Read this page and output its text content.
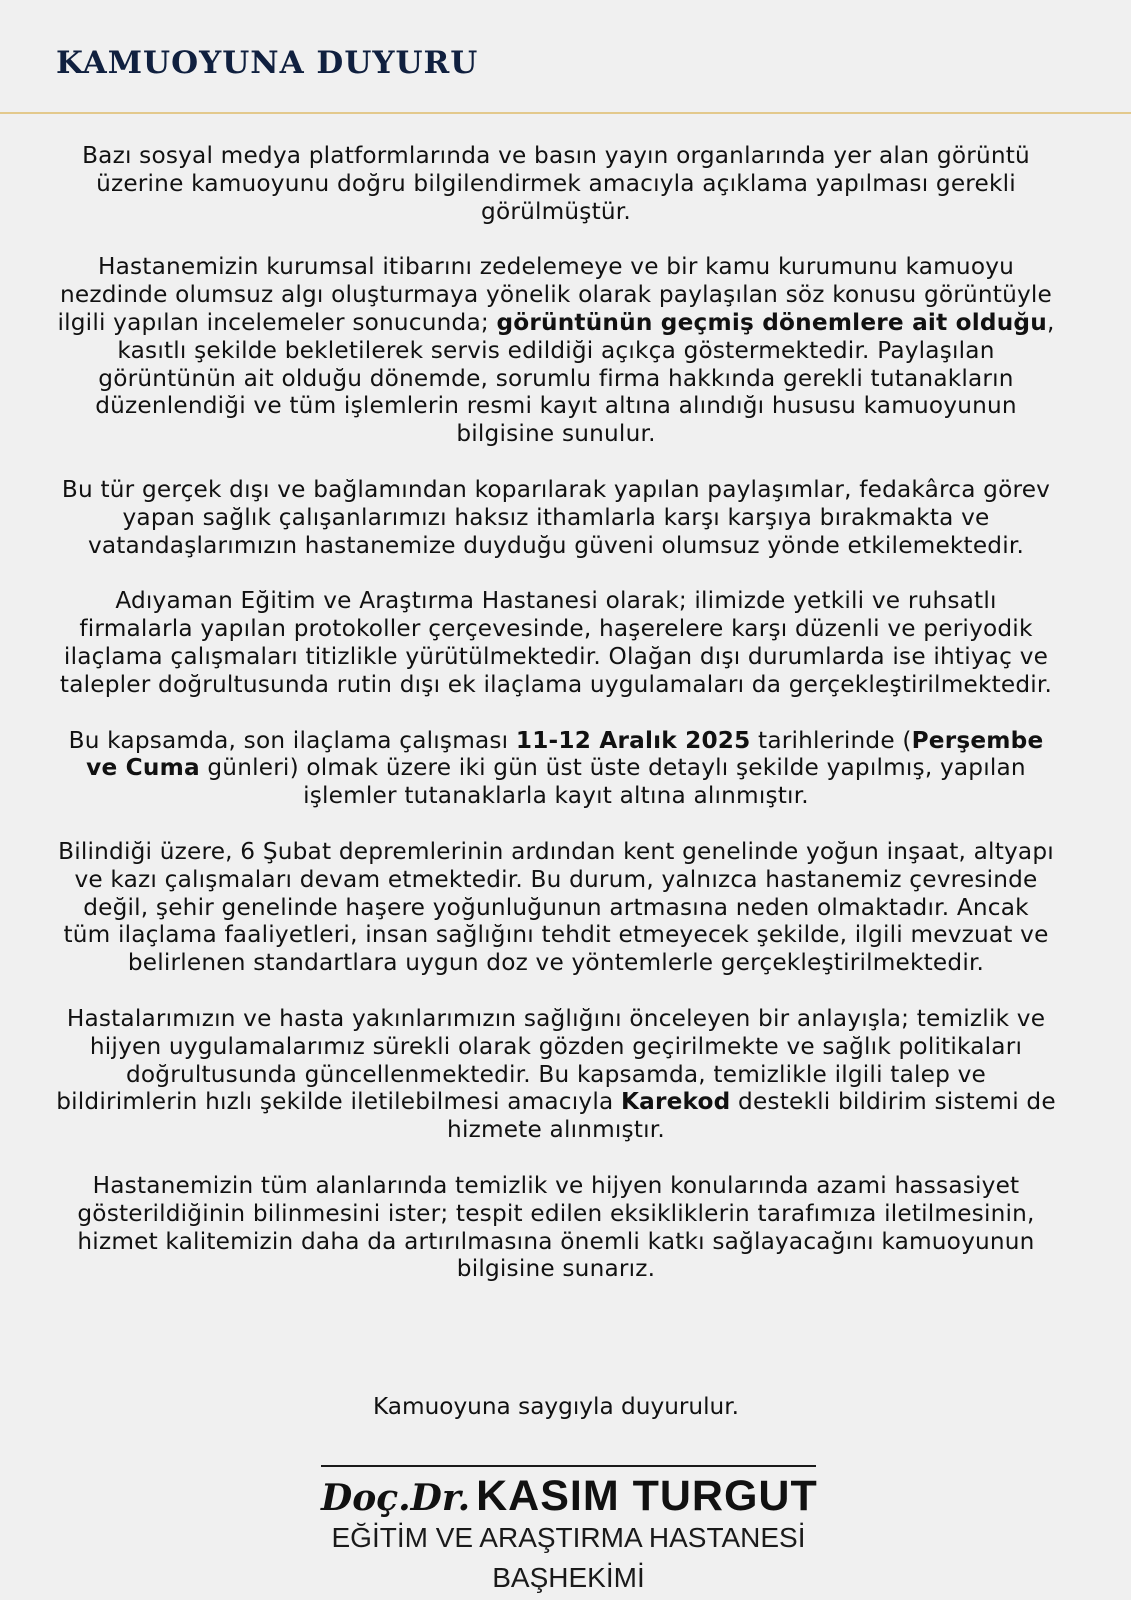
KAMUOYUNA DUYURU

Bazı sosyal medya platformlarında ve basın yayın organlarında yer alan görüntü üzerine kamuoyunu doğru bilgilendirmek amacıyla açıklama yapılması gerekli görülmüştür.

Hastanemizin kurumsal itibarını zedelemeye ve bir kamu kurumunu kamuoyu nezdinde olumsuz algı oluşturmaya yönelik olarak paylaşılan söz konusu görüntüyle ilgili yapılan incelemeler sonucunda; görüntünün geçmiş dönemlere ait olduğu, kasıtlı şekilde bekletilerek servis edildiği açıkça göstermektedir. Paylaşılan görüntünün ait olduğu dönemde, sorumlu firma hakkında gerekli tutanakların düzenlendiği ve tüm işlemlerin resmi kayıt altına alındığı hususu kamuoyunun bilgisine sunulur.

Bu tür gerçek dışı ve bağlamından koparılarak yapılan paylaşımlar, fedakârca görev yapan sağlık çalışanlarımızı haksız ithamlarla karşı karşıya bırakmakta ve vatandaşlarımızın hastanemize duyduğu güveni olumsuz yönde etkilemektedir.

Adıyaman Eğitim ve Araştırma Hastanesi olarak; ilimizde yetkili ve ruhsatlı firmalarla yapılan protokoller çerçevesinde, haşerelere karşı düzenli ve periyodik ilaçlama çalışmaları titizlikle yürütülmektedir. Olağan dışı durumlarda ise ihtiyaç ve talepler doğrultusunda rutin dışı ek ilaçlama uygulamaları da gerçekleştirilmektedir.

Bu kapsamda, son ilaçlama çalışması 11-12 Aralık 2025 tarihlerinde (Perşembe ve Cuma günleri) olmak üzere iki gün üst üste detaylı şekilde yapılmış, yapılan işlemler tutanaklarla kayıt altına alınmıştır.

Bilindiği üzere, 6 Şubat depremlerinin ardından kent genelinde yoğun inşaat, altyapı ve kazı çalışmaları devam etmektedir. Bu durum, yalnızca hastanemiz çevresinde değil, şehir genelinde haşere yoğunluğunun artmasına neden olmaktadır. Ancak tüm ilaçlama faaliyetleri, insan sağlığını tehdit etmeyecek şekilde, ilgili mevzuat ve belirlenen standartlara uygun doz ve yöntemlerle gerçekleştirilmektedir.

Hastalarımızın ve hasta yakınlarımızın sağlığını önceleyen bir anlayışla; temizlik ve hijyen uygulamalarımız sürekli olarak gözden geçirilmekte ve sağlık politikaları doğrultusunda güncellenmektedir. Bu kapsamda, temizlikle ilgili talep ve bildirimlerin hızlı şekilde iletilebilmesi amacıyla Karekod destekli bildirim sistemi de hizmete alınmıştır.

Hastanemizin tüm alanlarında temizlik ve hijyen konularında azami hassasiyet gösterildiğinin bilinmesini ister; tespit edilen eksikliklerin tarafımıza iletilmesinin, hizmet kalitemizin daha da artırılmasına önemli katkı sağlayacağını kamuoyunun bilgisine sunarız.

Kamuoyuna saygıyla duyurulur.

Doç.Dr. KASIM TURGUT
EĞİTİM VE ARAŞTIRMA HASTANESİ
BAŞHEKİMİ
